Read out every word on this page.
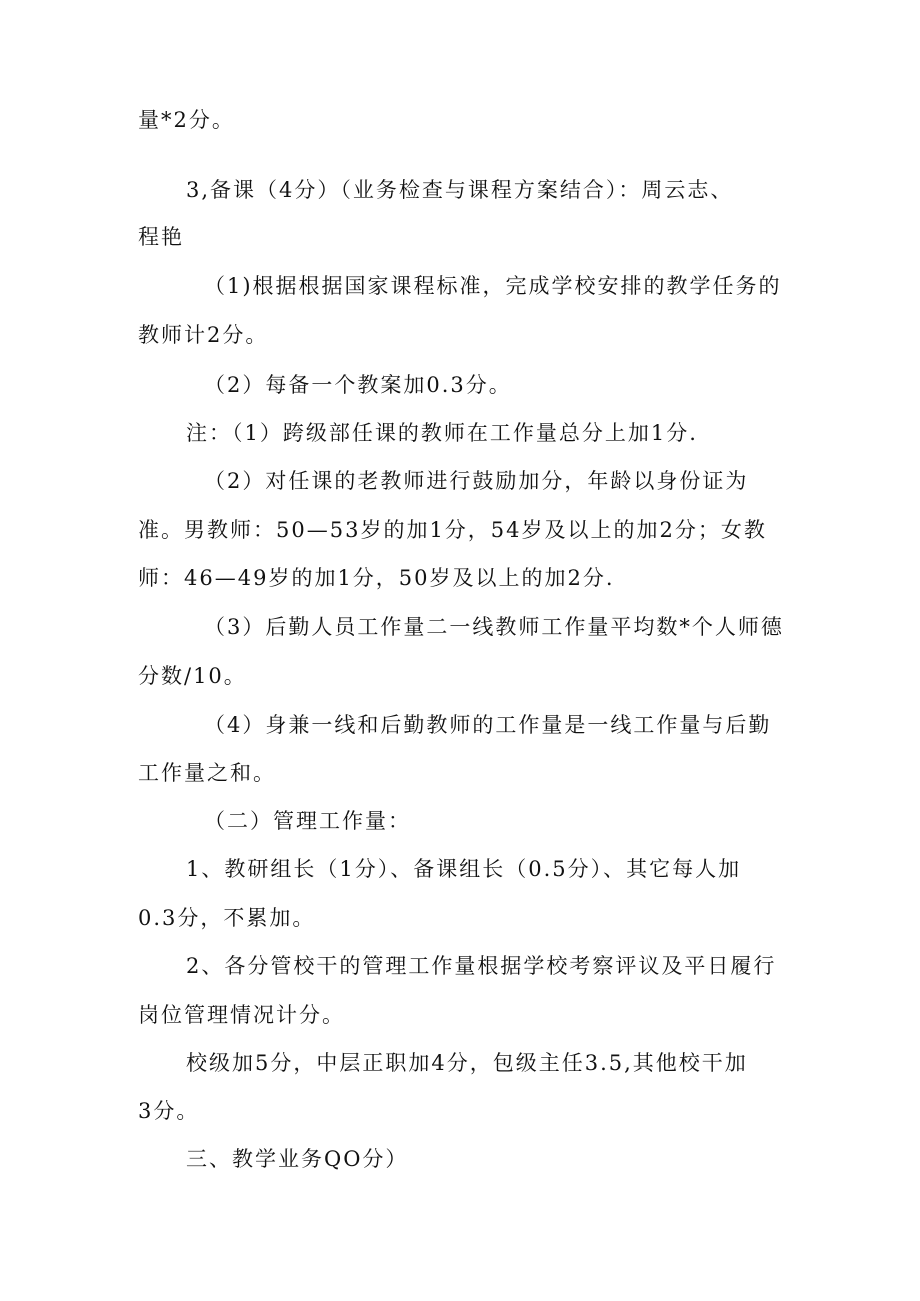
量*2分。
3,备课（4分）（业务检查与课程方案结合）：周云志、
程艳
（1)根据根据国家课程标准，完成学校安排的教学任务的
教师计2分。
（2）每备一个教案加0.3分。
注：（1）跨级部任课的教师在工作量总分上加1分.
（2）对任课的老教师进行鼓励加分，年龄以身份证为
准。男教师：50—53岁的加1分，54岁及以上的加2分；女教
师：46—49岁的加1分，50岁及以上的加2分.
（3）后勤人员工作量二一线教师工作量平均数*个人师德
分数/10。
（4）身兼一线和后勤教师的工作量是一线工作量与后勤
工作量之和。
（二）管理工作量：
1、教研组长（1分）、备课组长（0.5分）、其它每人加
0.3分，不累加。
2、各分管校干的管理工作量根据学校考察评议及平日履行
岗位管理情况计分。
校级加5分，中层正职加4分，包级主任3.5,其他校干加
3分。
三、教学业务QO分）
